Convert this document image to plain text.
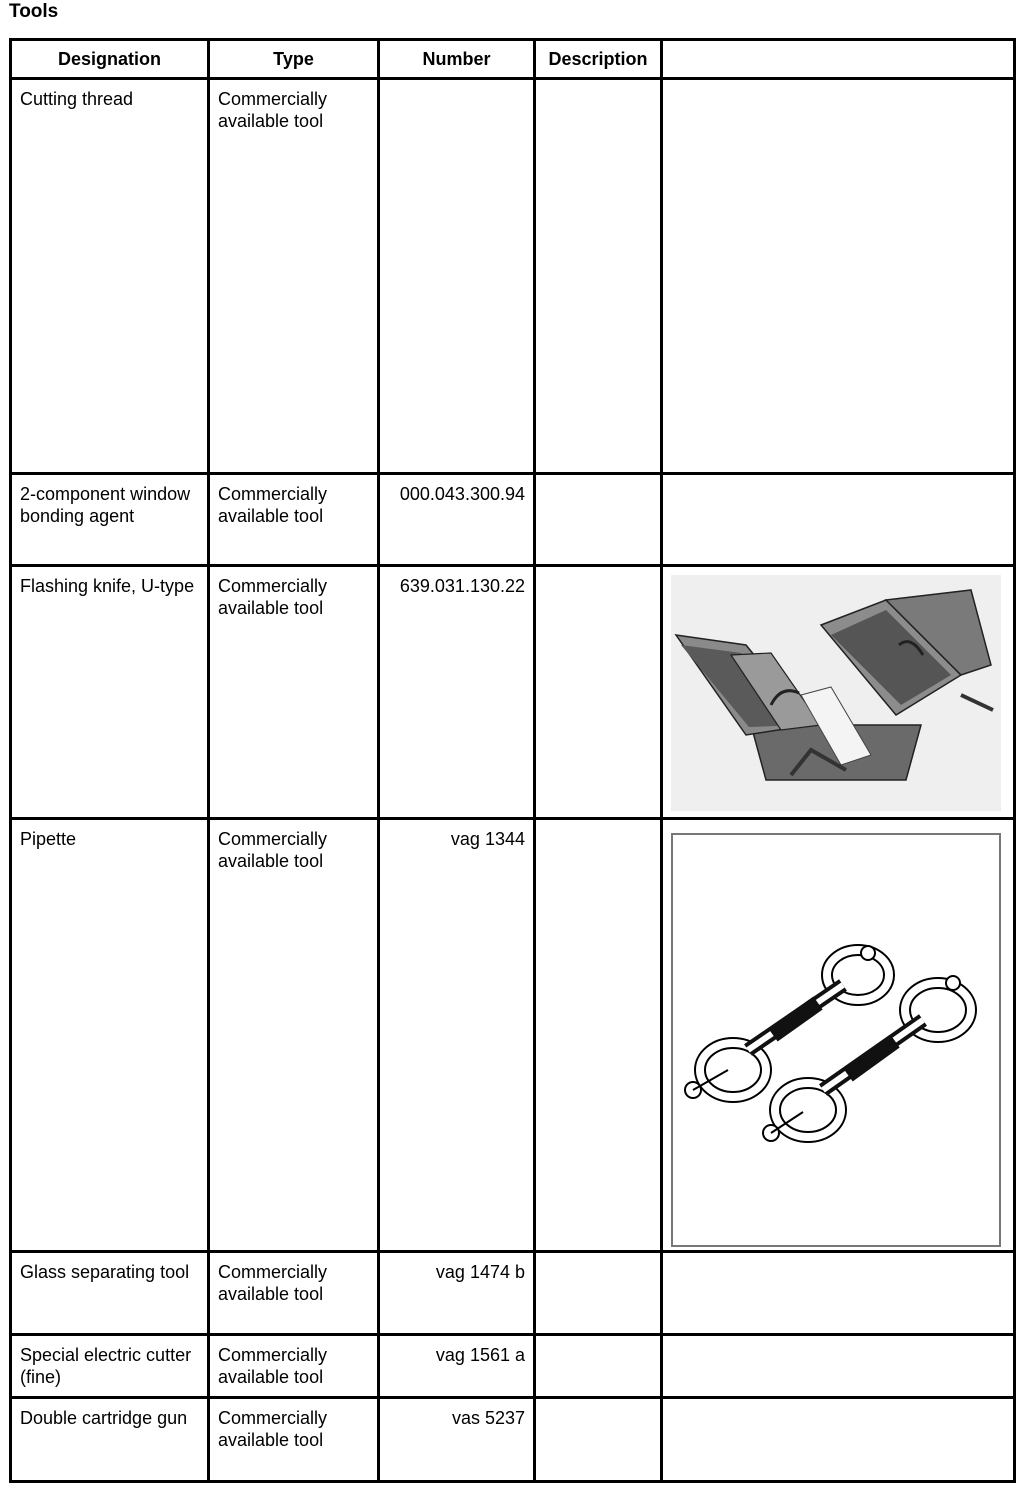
Tools
Designation	Type	Number	Description	
Cutting thread	Commercially available tool			
2-component window bonding agent	Commercially available tool	000.043.300.94		
Flashing knife, U-type	Commercially available tool	639.031.130.22		

Pipette	Commercially available tool	vag 1344		

Glass separating tool	Commercially available tool	vag 1474 b		
Special electric cutter (fine)	Commercially available tool	vag 1561 a		
Double cartridge gun	Commercially available tool	vas 5237		
